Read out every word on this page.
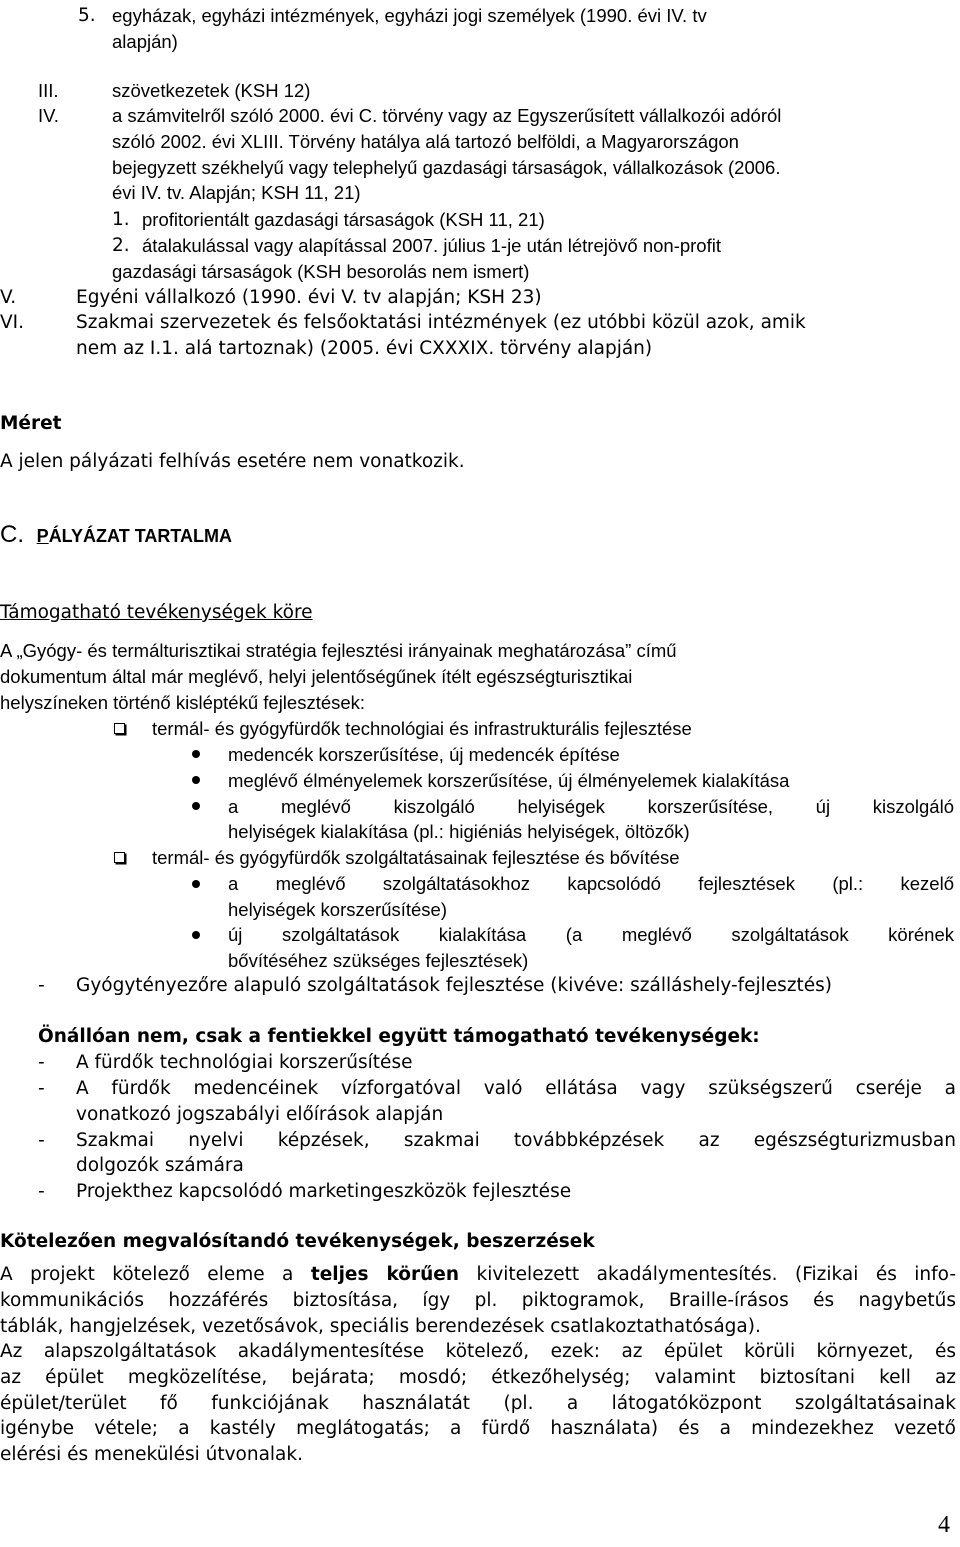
5. egyházak, egyházi intézmények, egyházi jogi személyek (1990. évi IV. tv
alapján)
III.	szövetkezetek (KSH 12)
IV.	a számvitelről szóló 2000. évi C. törvény vagy az Egyszerűsített vállalkozói adóról
szóló 2002. évi XLIII. Törvény hatálya alá tartozó belföldi, a Magyarországon
bejegyzett székhelyű vagy telephelyű gazdasági társaságok, vállalkozások (2006.
évi IV. tv. Alapján; KSH 11, 21)
1. profitorientált gazdasági társaságok (KSH 11, 21)
2. átalakulással vagy alapítással 2007. július 1-je után létrejövő non-profit
gazdasági társaságok (KSH besorolás nem ismert)
V.	Egyéni vállalkozó (1990. évi V. tv alapján; KSH 23)
VI.	Szakmai szervezetek és felsőoktatási intézmények (ez utóbbi közül azok, amik
nem az I.1. alá tartoznak) (2005. évi CXXXIX. törvény alapján)
Méret
A jelen pályázati felhívás esetére nem vonatkozik.
C. PÁLYÁZAT TARTALMA
Támogatható tevékenységek köre
A „Gyógy- és termálturisztikai stratégia fejlesztési irányainak meghatározása” című
dokumentum által már meglévő, helyi jelentőségűnek ítélt egészségturisztikai
helyszíneken történő kisléptékű fejlesztések:
termál- és gyógyfürdők technológiai és infrastrukturális fejlesztése
medencék korszerűsítése, új medencék építése
meglévő élményelemek korszerűsítése, új élményelemek kialakítása
a meglévő kiszolgáló helyiségek korszerűsítése, új kiszolgáló
helyiségek kialakítása (pl.: higiéniás helyiségek, öltözők)
termál- és gyógyfürdők szolgáltatásainak fejlesztése és bővítése
a meglévő szolgáltatásokhoz kapcsolódó fejlesztések (pl.: kezelő
helyiségek korszerűsítése)
új szolgáltatások kialakítása (a meglévő szolgáltatások körének
bővítéséhez szükséges fejlesztések)
- Gyógytényezőre alapuló szolgáltatások fejlesztése (kivéve: szálláshely-fejlesztés)
Önállóan nem, csak a fentiekkel együtt támogatható tevékenységek:
- A fürdők technológiai korszerűsítése
- A fürdők medencéinek vízforgatóval való ellátása vagy szükségszerű cseréje a
vonatkozó jogszabályi előírások alapján
- Szakmai nyelvi képzések, szakmai továbbképzések az egészségturizmusban
dolgozók számára
- Projekthez kapcsolódó marketingeszközök fejlesztése
Kötelezően megvalósítandó tevékenységek, beszerzések
A projekt kötelező eleme a teljes körűen kivitelezett akadálymentesítés. (Fizikai és info-
kommunikációs hozzáférés biztosítása, így pl. piktogramok, Braille-írásos és nagybetűs
táblák, hangjelzések, vezetősávok, speciális berendezések csatlakoztathatósága).
Az alapszolgáltatások akadálymentesítése kötelező, ezek: az épület körüli környezet, és
az épület megközelítése, bejárata; mosdó; étkezőhelység; valamint biztosítani kell az
épület/terület fő funkciójának használatát (pl. a látogatóközpont szolgáltatásainak
igénybe vétele; a kastély meglátogatás; a fürdő használata) és a mindezekhez vezető
elérési és menekülési útvonalak.
4
